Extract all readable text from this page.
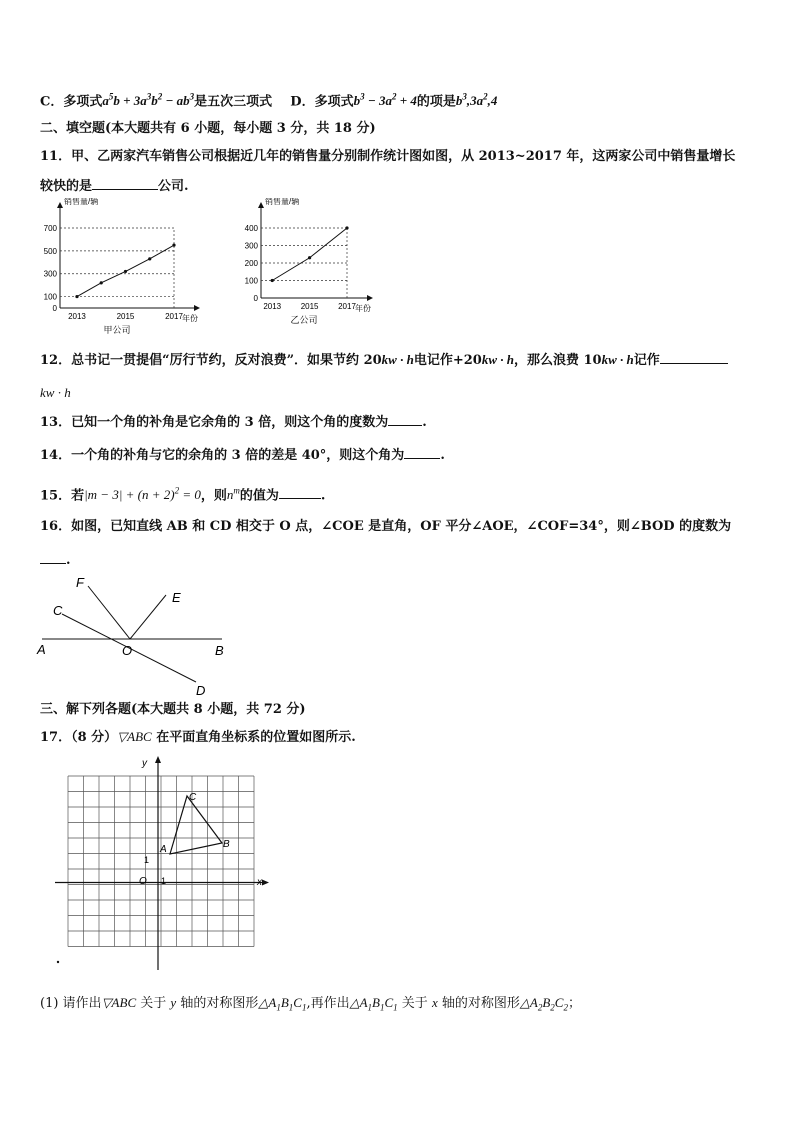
C．多项式$a^5b + 3a^3b^2 - ab^3$是五次三项式 D．多项式$b^3 - 3a^2 + 4$的项是$b^3,3a^2,4$
二、填空题(本大题共有 6 小题，每小题 3 分，共 18 分)
11．甲、乙两家汽车销售公司根据近几年的销售量分别制作统计图如图，从 2013~2017 年，这两家公司中销售量增长
较快的是	公司.
0
100
300
500
700
2013	2015	2017
销售量/辆
年份
甲公司
0
100
200
300
400
2013 2015 2017
销售量/辆
年份
乙公司
12．总书记一贯提倡“厉行节约，反对浪费”．如果节约 20kw · h电记作+20kw · h，那么浪费 10kw · h记作
kw · h
13．已知一个角的补角是它余角的 3 倍，则这个角的度数为	.
14．一个角的补角与它的余角的 3 倍的差是 40°，则这个角为	.
15．若$|m - 3| + (n + 2)^2 = 0$，则$n^m$的值为	.
16．如图，已知直线 AB 和 CD 相交于 O 点，∠COE 是直角，OF 平分∠AOE，∠COF=34°，则∠BOD 的度数为
.
F
C
E
A	O	B
D
三、解下列各题(本大题共 8 小题，共 72 分)
17．（8 分）▽ABC 在平面直角坐标系的位置如图所示.
A	B
C
O 1
1
x
y
(1) 请作出▽ABC 关于 y 轴的对称图形$\triangle A_1B_1C_1$,再作出$\triangle A_1B_1C_1$ 关于 x 轴的对称图形$\triangle A_2B_2C_2$；
